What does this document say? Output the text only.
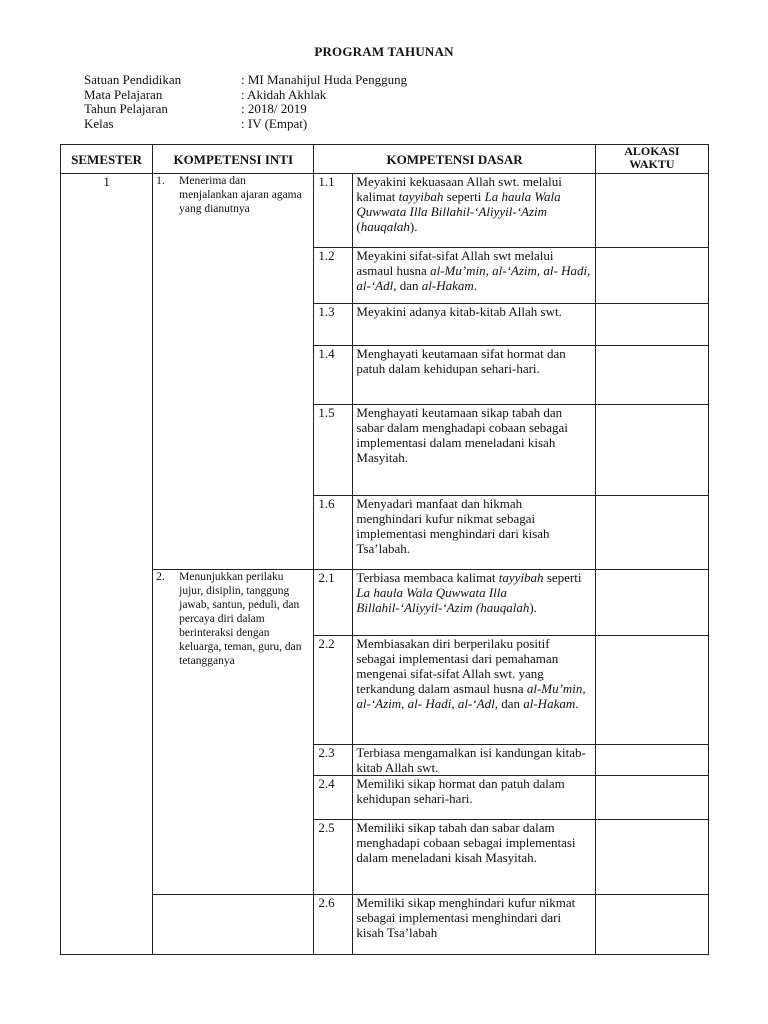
PROGRAM TAHUNAN
Satuan Pendidikan	: MI Manahijul Huda Penggung
Mata Pelajaran	: Akidah Akhlak
Tahun Pelajaran	: 2018/ 2019
Kelas	: IV (Empat)
SEMESTER	KOMPETENSI INTI	KOMPETENSI DASAR		ALOKASI
WAKTU

1	1. Menerima dan menjalankan ajaran agama yang dianutnya	1.1	Meyakini kekuasaan Allah swt. melalui kalimat tayyibah seperti La haula Wala Quwwata Illa Billahil-‘Aliyyil-‘Azim (hauqalah).	
		1.2	Meyakini sifat-sifat Allah swt melalui asmaul husna al-Mu’min, al-‘Azim, al- Hadi, al-‘Adl, dan al-Hakam.	
		1.3	Meyakini adanya kitab-kitab Allah swt.	
		1.4	Menghayati keutamaan sifat hormat dan patuh dalam kehidupan sehari-hari.	
		1.5	Menghayati keutamaan sikap tabah dan sabar dalam menghadapi cobaan sebagai implementasi dalam meneladani kisah Masyitah.	
		1.6	Menyadari manfaat dan hikmah menghindari kufur nikmat sebagai implementasi menghindari dari kisah Tsa’labah.	

	2. Menunjukkan perilaku jujur, disiplin, tanggung jawab, santun, peduli, dan percaya diri dalam berinteraksi dengan keluarga, teman, guru, dan tetangganya	2.1	Terbiasa membaca kalimat tayyibah seperti La haula Wala Quwwata Illa Billahil-‘Aliyyil-‘Azim (hauqalah).	
		2.2	Membiasakan diri berperilaku positif sebagai implementasi dari pemahaman mengenai sifat-sifat Allah swt. yang terkandung dalam asmaul husna al-Mu’min, al-‘Azim, al- Hadi, al-‘Adl, dan al-Hakam.	
		2.3	Terbiasa mengamalkan isi kandungan kitab-kitab Allah swt.	
		2.4	Memiliki sikap hormat dan patuh dalam kehidupan sehari-hari.	
		2.5	Memiliki sikap tabah dan sabar dalam menghadapi cobaan sebagai implementasi dalam meneladani kisah Masyitah.	
		2.6	Memiliki sikap menghindari kufur nikmat sebagai implementasi menghindari dari kisah Tsa’labah	
